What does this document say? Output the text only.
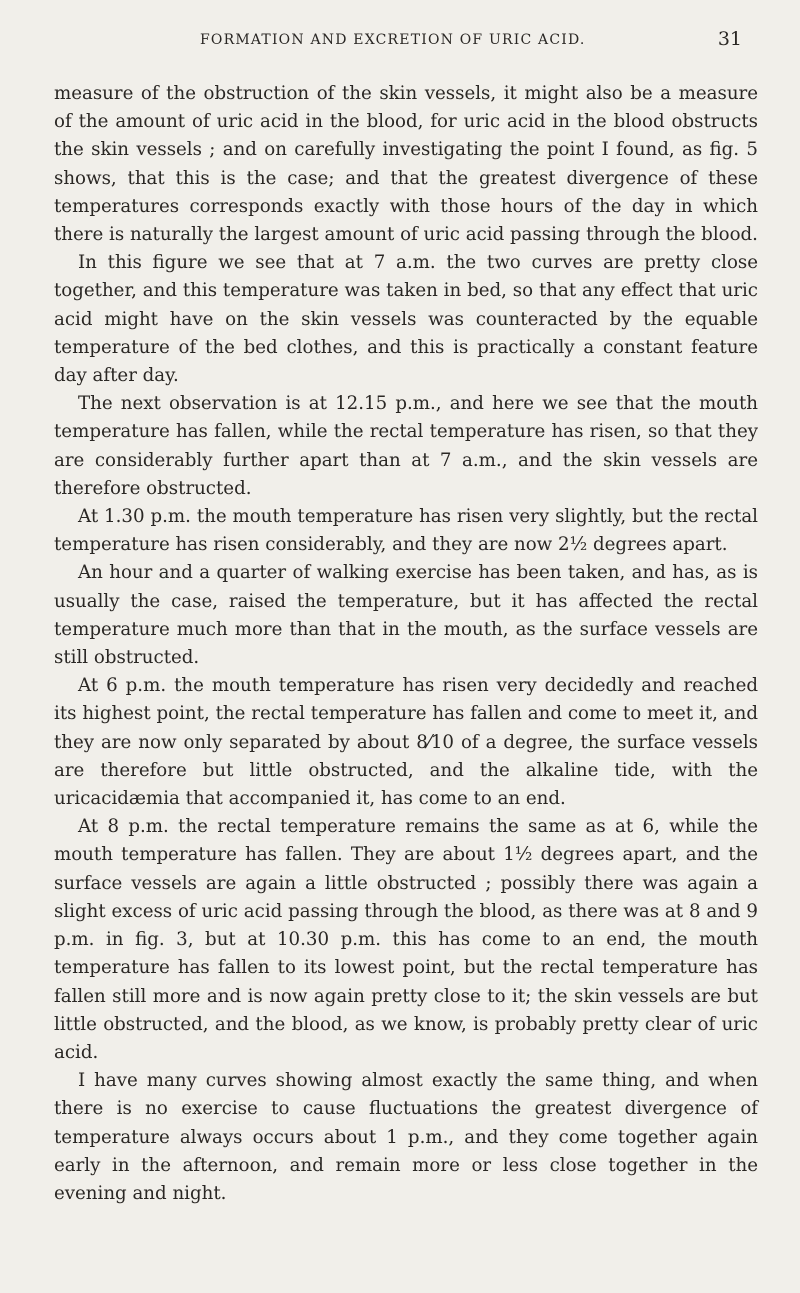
FORMATION AND EXCRETION OF URIC ACID.	31

measure of the obstruction of the skin vessels, it might also be a measure of the amount of uric acid in the blood, for uric acid in the blood obstructs the skin vessels ; and on carefully investigating the point I found, as fig. 5 shows, that this is the case; and that the greatest divergence of these temperatures corresponds exactly with those hours of the day in which there is naturally the largest amount of uric acid passing through the blood.

In this figure we see that at 7 a.m. the two curves are pretty close together, and this temperature was taken in bed, so that any effect that uric acid might have on the skin vessels was counteracted by the equable temperature of the bed clothes, and this is practically a constant feature day after day.

The next observation is at 12.15 p.m., and here we see that the mouth temperature has fallen, while the rectal temperature has risen, so that they are considerably further apart than at 7 a.m., and the skin vessels are therefore obstructed.

At 1.30 p.m. the mouth temperature has risen very slightly, but the rectal temperature has risen considerably, and they are now 2½ degrees apart.

An hour and a quarter of walking exercise has been taken, and has, as is usually the case, raised the temperature, but it has affected the rectal temperature much more than that in the mouth, as the surface vessels are still obstructed.

At 6 p.m. the mouth temperature has risen very decidedly and reached its highest point, the rectal temperature has fallen and come to meet it, and they are now only separated by about 8⁄10 of a degree, the surface vessels are therefore but little obstructed, and the alkaline tide, with the uricacidæmia that accompanied it, has come to an end.

At 8 p.m. the rectal temperature remains the same as at 6, while the mouth temperature has fallen. They are about 1½ degrees apart, and the surface vessels are again a little obstructed ; possibly there was again a slight excess of uric acid passing through the blood, as there was at 8 and 9 p.m. in fig. 3, but at 10.30 p.m. this has come to an end, the mouth temperature has fallen to its lowest point, but the rectal temperature has fallen still more and is now again pretty close to it; the skin vessels are but little obstructed, and the blood, as we know, is probably pretty clear of uric acid.

I have many curves showing almost exactly the same thing, and when there is no exercise to cause fluctuations the greatest divergence of temperature always occurs about 1 p.m., and they come together again early in the afternoon, and remain more or less close together in the evening and night.
